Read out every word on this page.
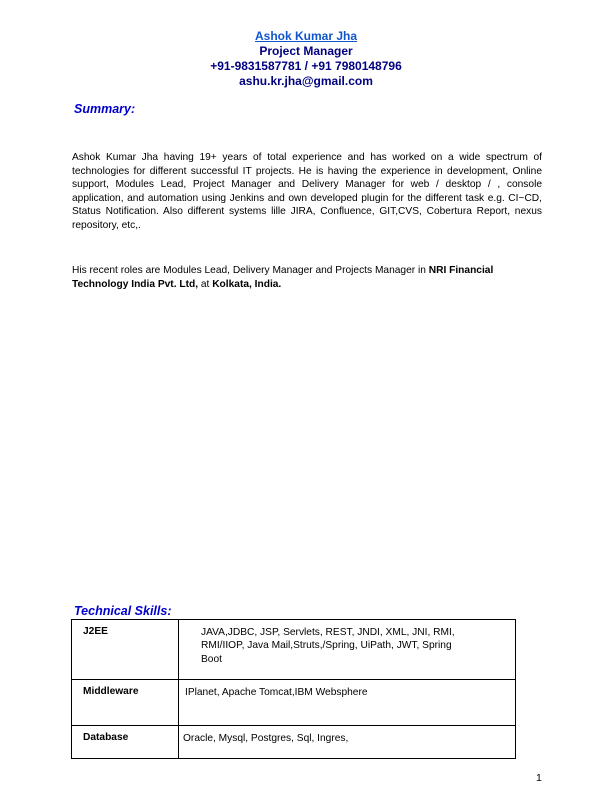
Ashok Kumar Jha
Project Manager
+91-9831587781 / +91 7980148796
ashu.kr.jha@gmail.com
Summary:
Ashok Kumar Jha having 19+ years of total experience and has worked on a wide spectrum of technologies for different successful IT projects. He is having the experience in development, Online support, Modules Lead, Project Manager and Delivery Manager for web / desktop / , console application, and automation using Jenkins and own developed plugin for the different task e.g. CI~CD, Status Notification. Also different systems lille JIRA, Confluence, GIT,CVS, Cobertura Report, nexus repository, etc,.
His recent roles are Modules Lead, Delivery Manager and Projects Manager in NRI Financial Technology India Pvt. Ltd, at Kolkata, India.
Technical Skills:
J2EE	JAVA,JDBC, JSP, Servlets, REST, JNDI, XML, JNI, RMI, RMI/IIOP, Java Mail,Struts,/Spring, UiPath, JWT, Spring Boot
Middleware	IPlanet, Apache Tomcat,IBM Websphere
Database	Oracle, Mysql, Postgres, Sql, Ingres,
1
